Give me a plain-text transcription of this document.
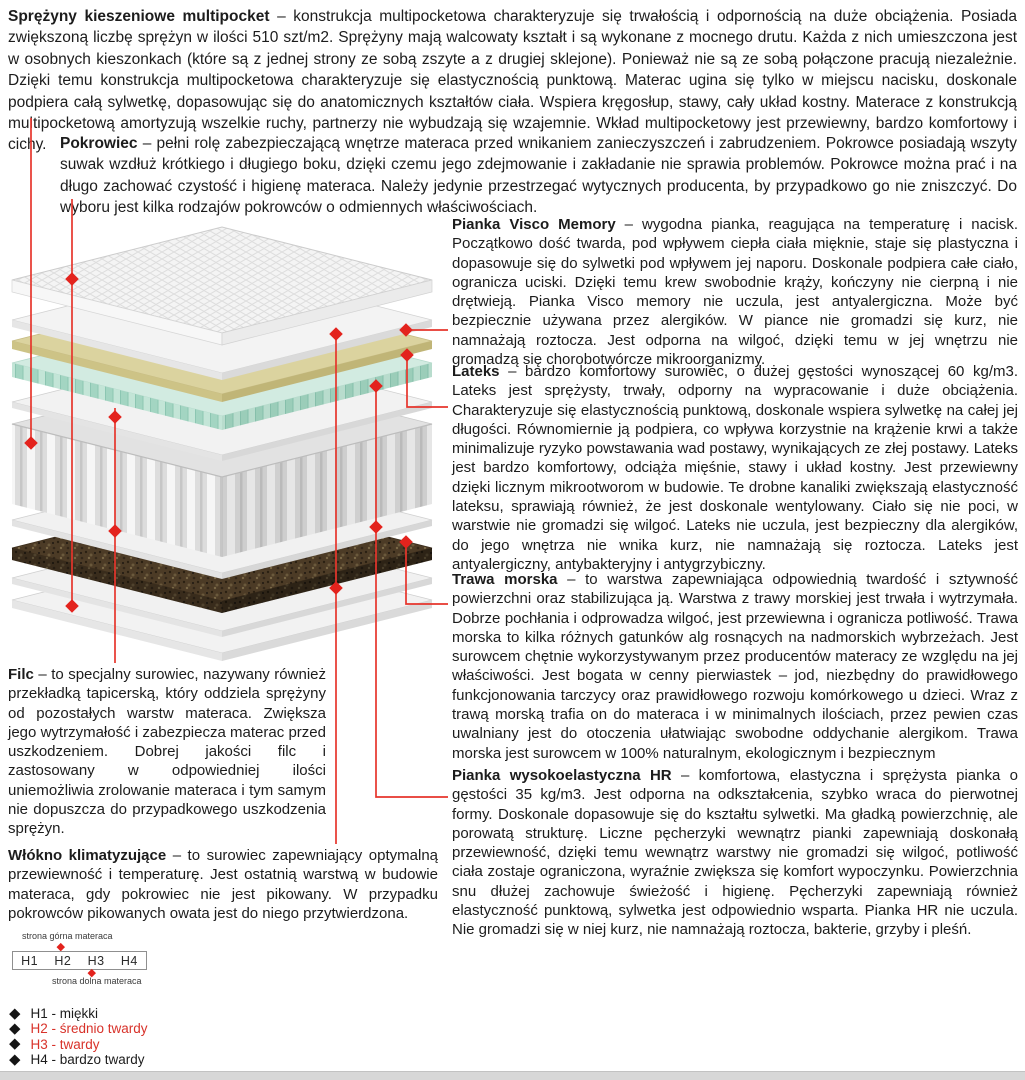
Sprężyny kieszeniowe multipocket – konstrukcja multipocketowa charakteryzuje się trwałością i odpornością na duże obciążenia. Posiada zwiększoną liczbę sprężyn w ilości 510 szt/m2. Sprężyny mają walcowaty kształt i są wykonane z mocnego drutu. Każda z nich umieszczona jest w osobnych kieszonkach (które są z jednej strony ze sobą zszyte a z drugiej sklejone). Ponieważ nie są ze sobą połączone pracują niezależnie. Dzięki temu konstrukcja multipocketowa charakteryzuje się elastycznością punktową. Materac ugina się tylko w miejscu nacisku, doskonale podpiera całą sylwetkę, dopasowując się do anatomicznych kształtów ciała. Wspiera kręgosłup, stawy, cały układ kostny. Materace z konstrukcją multipocketową amortyzują wszelkie ruchy, partnerzy nie wybudzają się wzajemnie. Wkład multipocketowy jest przewiewny, bardzo komfortowy i cichy. Pokrowiec – pełni rolę zabezpieczającą wnętrze materaca przed wnikaniem zanieczyszczeń i zabrudzeniem. Pokrowce posiadają wszyty suwak wzdłuż krótkiego i długiego boku, dzięki czemu jego zdejmowanie i zakładanie nie sprawia problemów. Pokrowce można prać i na długo zachować czystość i higienę materaca. Należy jedynie przestrzegać wytycznych producenta, by przypadkowo go nie zniszczyć. Do wyboru jest kilka rodzajów pokrowców o odmiennych właściwościach.
Pianka Visco Memory – wygodna pianka, reagująca na temperaturę i nacisk. Początkowo dość twarda, pod wpływem ciepła ciała mięknie, staje się plastyczna i dopasowuje się do sylwetki pod wpływem jej naporu. Doskonale podpiera całe ciało, ogranicza uciski. Dzięki temu krew swobodnie krąży, kończyny nie cierpną i nie drętwieją. Pianka Visco memory nie uczula, jest antyalergiczna. Może być bezpiecznie używana przez alergików. W piance nie gromadzi się kurz, nie namnażają roztocza. Jest odporna na wilgoć, dzięki temu w jej wnętrzu nie gromadzą się chorobotwórcze mikroorganizmy.
Lateks – bardzo komfortowy surowiec, o dużej gęstości wynoszącej 60 kg/m3. Lateks jest sprężysty, trwały, odporny na wypracowanie i duże obciążenia. Charakteryzuje się elastycznością punktową, doskonale wspiera sylwetkę na całej jej długości. Równomiernie ją podpiera, co wpływa korzystnie na krążenie krwi a także minimalizuje ryzyko powstawania wad postawy, wynikających ze złej postawy. Lateks jest bardzo komfortowy, odciąża mięśnie, stawy i układ kostny. Jest przewiewny dzięki licznym mikrootworom w budowie. Te drobne kanaliki zwiększają elastyczność lateksu, sprawiają również, że jest doskonale wentylowany. Ciało się nie poci, w warstwie nie gromadzi się wilgoć. Lateks nie uczula, jest bezpieczny dla alergików, do jego wnętrza nie wnika kurz, nie namnażają się roztocza. Lateks jest antyalergiczny, antybakteryjny i antygrzybiczny.
Trawa morska – to warstwa zapewniająca odpowiednią twardość i sztywność powierzchni oraz stabilizująca ją. Warstwa z trawy morskiej jest trwała i wytrzymała. Dobrze pochłania i odprowadza wilgoć, jest przewiewna i ogranicza potliwość. Trawa morska to kilka różnych gatunków alg rosnących na nadmorskich wybrzeżach. Jest surowcem chętnie wykorzystywanym przez producentów materacy ze względu na jej właściwości. Jest bogata w cenny pierwiastek – jod, niezbędny do prawidłowego funkcjonowania tarczycy oraz prawidłowego rozwoju komórkowego u dzieci. Wraz z trawą morską trafia on do materaca i w minimalnych ilościach, przez pewien czas uwalniany jest do otoczenia ułatwiając swobodne oddychanie alergikom. Trawa morska jest surowcem w 100% naturalnym, ekologicznym i bezpiecznym
Pianka wysokoelastyczna HR – komfortowa, elastyczna i sprężysta pianka o gęstości 35 kg/m3. Jest odporna na odkształcenia, szybko wraca do pierwotnej formy. Doskonale dopasowuje się do kształtu sylwetki. Ma gładką powierzchnię, ale porowatą strukturę. Liczne pęcherzyki wewnątrz pianki zapewniają doskonałą przewiewność, dzięki temu wewnątrz warstwy nie gromadzi się wilgoć, potliwość ciała zostaje ograniczona, wyraźnie zwiększa się komfort wypoczynku. Powierzchnia snu dłużej zachowuje świeżość i higienę. Pęcherzyki zapewniają również elastyczność punktową, sylwetka jest odpowiednio wsparta. Pianka HR nie uczula. Nie gromadzi się w niej kurz, nie namnażają roztocza, bakterie, grzyby i pleśń.
Filc – to specjalny surowiec, nazywany również przekładką tapicerską, który oddziela sprężyny od pozostałych warstw materaca. Zwiększa jego wytrzymałość i zabezpiecza materac przed uszkodzeniem. Dobrej jakości filc i zastosowany w odpowiedniej ilości uniemożliwia zrolowanie materaca i tym samym nie dopuszcza do przypadkowego uszkodzenia sprężyn.
Włókno klimatyzujące – to surowiec zapewniający optymalną przewiewność i temperaturę. Jest ostatnią warstwą w budowie materaca, gdy pokrowiec nie jest pikowany. W przypadku pokrowców pikowanych owata jest do niego przytwierdzona.
strona górna materaca
H1	H2	H3	H4
strona dolna materaca
H1 - miękki
H2 - średnio twardy
H3 - twardy
H4 - bardzo twardy
